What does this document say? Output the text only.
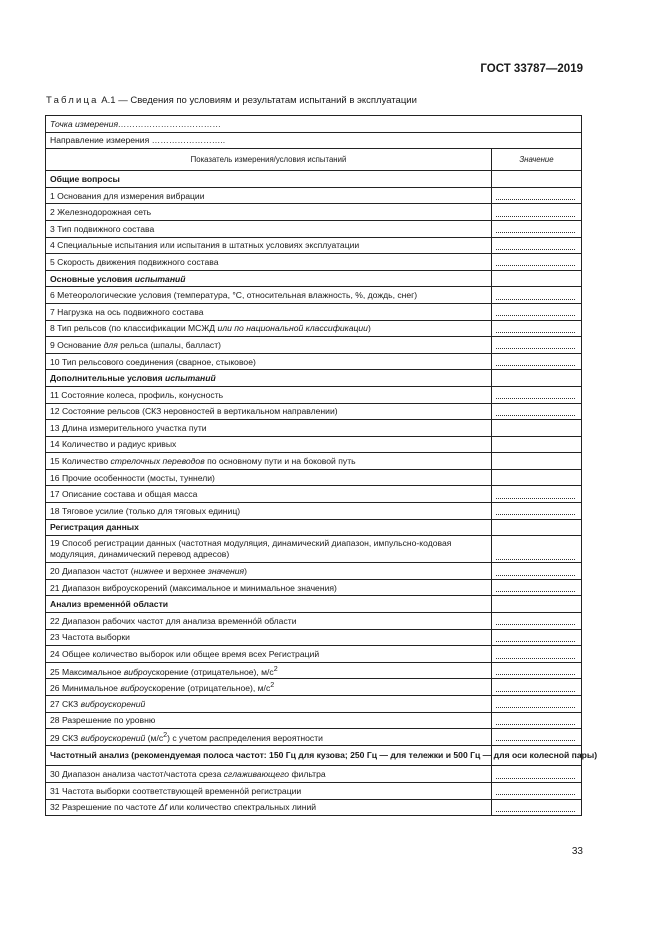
ГОСТ 33787—2019
Таблица А.1 — Сведения по условиям и результатам испытаний в эксплуатации
Точка измерения………………………………	
Направление измерения ……………………..	
Показатель измерения/условия испытаний	Значение
Общие вопросы	
1 Основания для измерения вибрации	

2 Железнодорожная сеть	

3 Тип подвижного состава	

4 Специальные испытания или испытания в штатных условиях эксплуатации	

5 Скорость движения подвижного состава	

Основные условия испытаний	
6 Метеорологические условия (температура, °С, относительная влажность, %, дождь, снег)	

7 Нагрузка на ось подвижного состава	

8 Тип рельсов (по классификации МСЖД или по национальной классификации)	

9 Основание для рельса (шпалы, балласт)	

10 Тип рельсового соединения (сварное, стыковое)	

Дополнительные условия испытаний	
11 Состояние колеса, профиль, конусность	

12 Состояние рельсов (СКЗ неровностей в вертикальном направлении)	

13 Длина измерительного участка пути	
14 Количество и радиус кривых	
15 Количество стрелочных переводов по основному пути и на боковой путь	
16 Прочие особенности (мосты, туннели)	
17 Описание состава и общая масса	

18 Тяговое усилие (только для тяговых единиц)	

Регистрация данных	
19 Способ регистрации данных (частотная модуляция, динамический диапазон, импульсно-кодовая модуляция, динамический перевод адресов)	

20 Диапазон частот (нижнее и верхнее значения)	

21 Диапазон виброускорений (максимальное и минимальное значения)	

Анализ временно́й области	
22 Диапазон рабочих частот для анализа временно́й области	

23 Частота выборки	

24 Общее количество выборок или общее время всех Регистраций	

25 Максимальное виброускорение (отрицательное), $м/с^2$	

26 Минимальное виброускорение (отрицательное), $м/с^2$	

27 СКЗ виброускорений	

28 Разрешение по уровню	

29 СКЗ виброускорений $(м/с^2)$ с учетом распределения вероятности	

Частотный анализ (рекомендуемая полоса частот: 150 Гц для кузова; 250 Гц — для тележки и 500 Гц — для оси колесной пары)	
30 Диапазон анализа частот/частота среза сглаживающего фильтра	

31 Частота выборки соответствующей временно́й регистрации	

32 Разрешение по частоте Δf или количество спектральных линий	
33
